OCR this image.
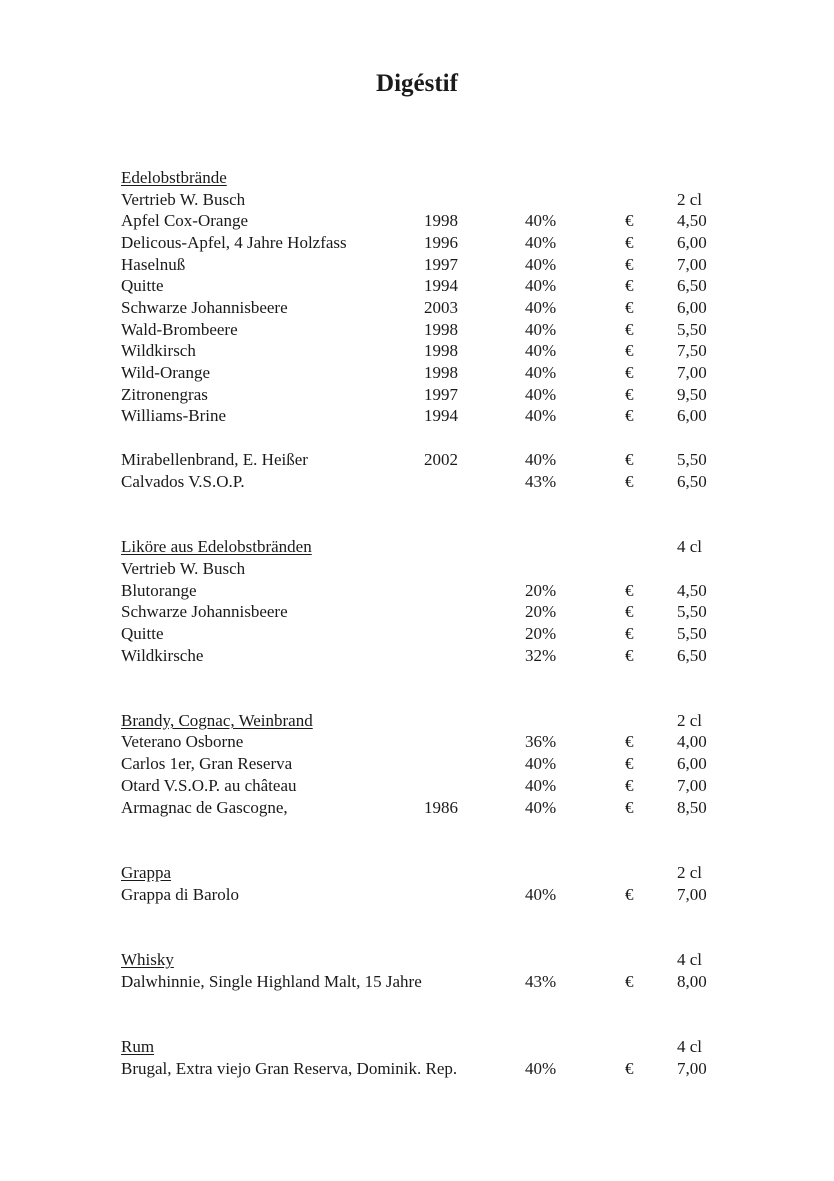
Digéstif
Edelobstbrände
Vertrieb W. Busch	2 cl
Apfel Cox-Orange	1998	40%	€	4,50
Delicous-Apfel, 4 Jahre Holzfass	1996	40%	€	6,00
Haselnuß	1997	40%	€	7,00
Quitte	1994	40%	€	6,50
Schwarze Johannisbeere	2003	40%	€	6,00
Wald-Brombeere	1998	40%	€	5,50
Wildkirsch	1998	40%	€	7,50
Wild-Orange	1998	40%	€	7,00
Zitronengras	1997	40%	€	9,50
Williams-Brine	1994	40%	€	6,00
Mirabellenbrand, E. Heißer	2002	40%	€	5,50
Calvados V.S.O.P.	43%	€	6,50
Liköre aus Edelobstbränden	4 cl
Vertrieb W. Busch
Blutorange	20%	€	4,50
Schwarze Johannisbeere	20%	€	5,50
Quitte	20%	€	5,50
Wildkirsche	32%	€	6,50
Brandy, Cognac, Weinbrand	2 cl
Veterano Osborne	36%	€	4,00
Carlos 1er, Gran Reserva	40%	€	6,00
Otard V.S.O.P. au château	40%	€	7,00
Armagnac de Gascogne,	1986	40%	€	8,50
Grappa	2 cl
Grappa di Barolo	40%	€	7,00
Whisky	4 cl
Dalwhinnie, Single Highland Malt, 15 Jahre	43%	€	8,00
Rum	4 cl
Brugal, Extra viejo Gran Reserva, Dominik. Rep.	40%	€	7,00
